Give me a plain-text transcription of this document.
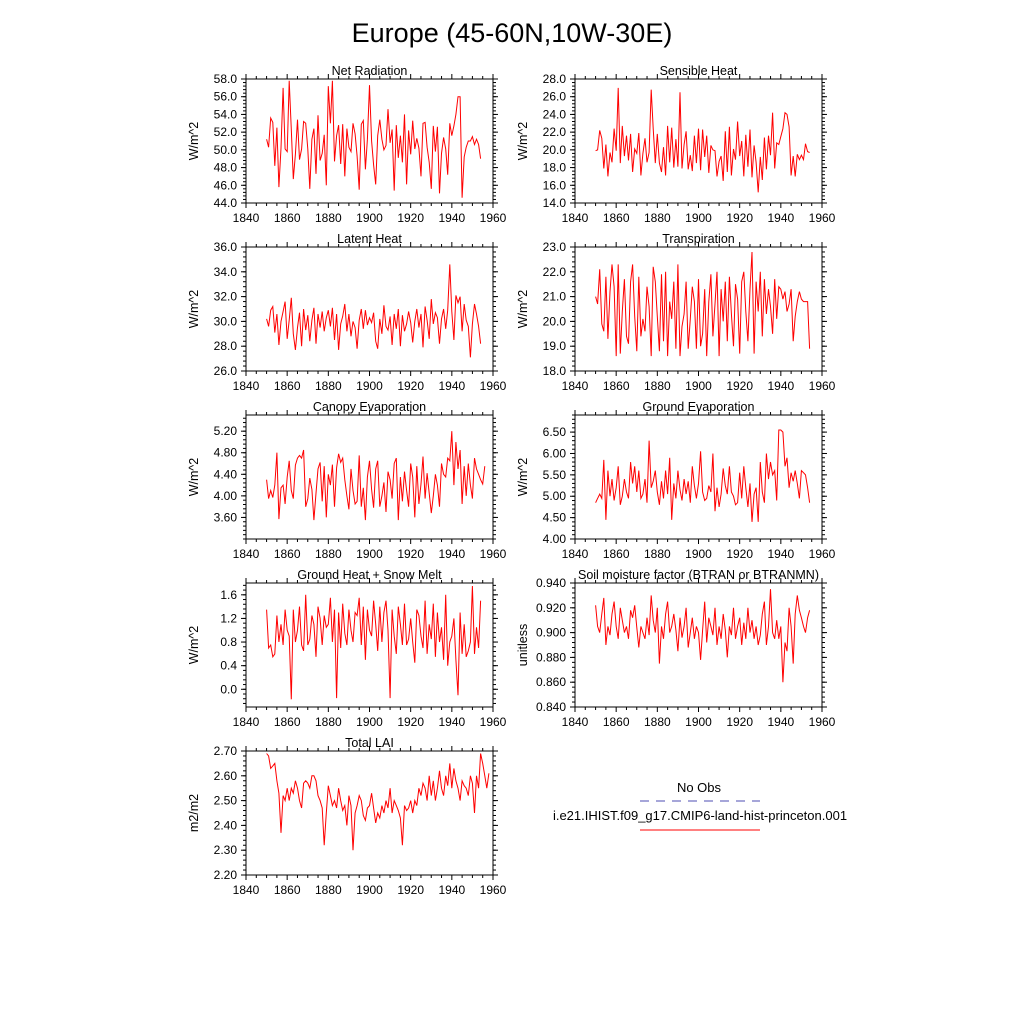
Europe (45-60N,10W-30E)
Net Radiation
W/m^2
1840 1860 1880 1900 1920 1940 1960
44.0
46.0
48.0
50.0
52.0
54.0
56.0
58.0
Sensible Heat
W/m^2
1840 1860 1880 1900 1920 1940 1960
14.0
16.0
18.0
20.0
22.0
24.0
26.0
28.0
Latent Heat
W/m^2
1840 1860 1880 1900 1920 1940 1960
26.0
28.0
30.0
32.0
34.0
36.0
Transpiration
W/m^2
1840 1860 1880 1900 1920 1940 1960
18.0
19.0
20.0
21.0
22.0
23.0
Canopy Evaporation
W/m^2
1840 1860 1880 1900 1920 1940 1960
3.60
4.00
4.40
4.80
5.20
Ground Evaporation
W/m^2
1840 1860 1880 1900 1920 1940 1960
4.00
4.50
5.00
5.50
6.00
6.50
Ground Heat + Snow Melt
W/m^2
1840 1860 1880 1900 1920 1940 1960
0.0
0.4
0.8
1.2
1.6
Soil moisture factor (BTRAN or BTRANMN)
unitless
1840 1860 1880 1900 1920 1940 1960
0.840
0.860
0.880
0.900
0.920
0.940
Total LAI
m2/m2
1840 1860 1880 1900 1920 1940 1960
2.20
2.30
2.40
2.50
2.60
2.70
No Obs
i.e21.IHIST.f09_g17.CMIP6-land-hist-princeton.001
